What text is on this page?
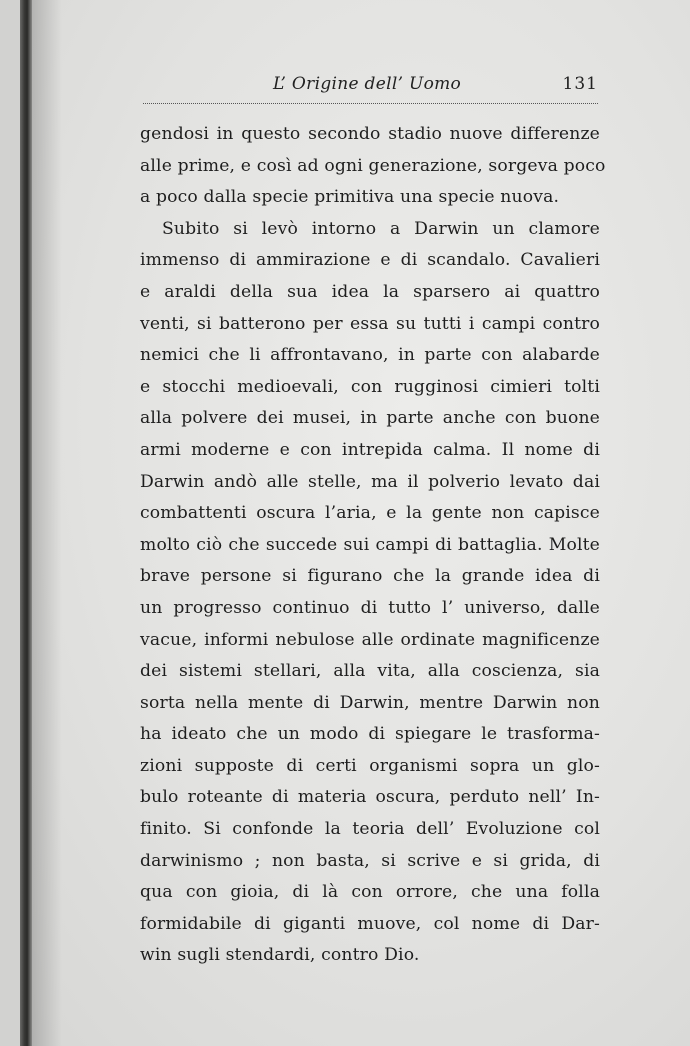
L’ Origine dell’ Uomo	131
gendosi in questo secondo stadio nuove differenze
alle prime, e così ad ogni generazione, sorgeva poco
a poco dalla specie primitiva una specie nuova.
Subito si levò intorno a Darwin un clamore
immenso di ammirazione e di scandalo. Cavalieri
e araldi della sua idea la sparsero ai quattro
venti, si batterono per essa su tutti i campi contro
nemici che li affrontavano, in parte con alabarde
e stocchi medioevali, con rugginosi cimieri tolti
alla polvere dei musei, in parte anche con buone
armi moderne e con intrepida calma. Il nome di
Darwin andò alle stelle, ma il polverio levato dai
combattenti oscura l’aria, e la gente non capisce
molto ciò che succede sui campi di battaglia. Molte
brave persone si figurano che la grande idea di
un progresso continuo di tutto l’ universo, dalle
vacue, informi nebulose alle ordinate magnificenze
dei sistemi stellari, alla vita, alla coscienza, sia
sorta nella mente di Darwin, mentre Darwin non
ha ideato che un modo di spiegare le trasforma-
zioni supposte di certi organismi sopra un glo-
bulo roteante di materia oscura, perduto nell’ In-
finito. Si confonde la teoria dell’ Evoluzione col
darwinismo ; non basta, si scrive e si grida, di
qua con gioia, di là con orrore, che una folla
formidabile di giganti muove, col nome di Dar-
win sugli stendardi, contro Dio.
